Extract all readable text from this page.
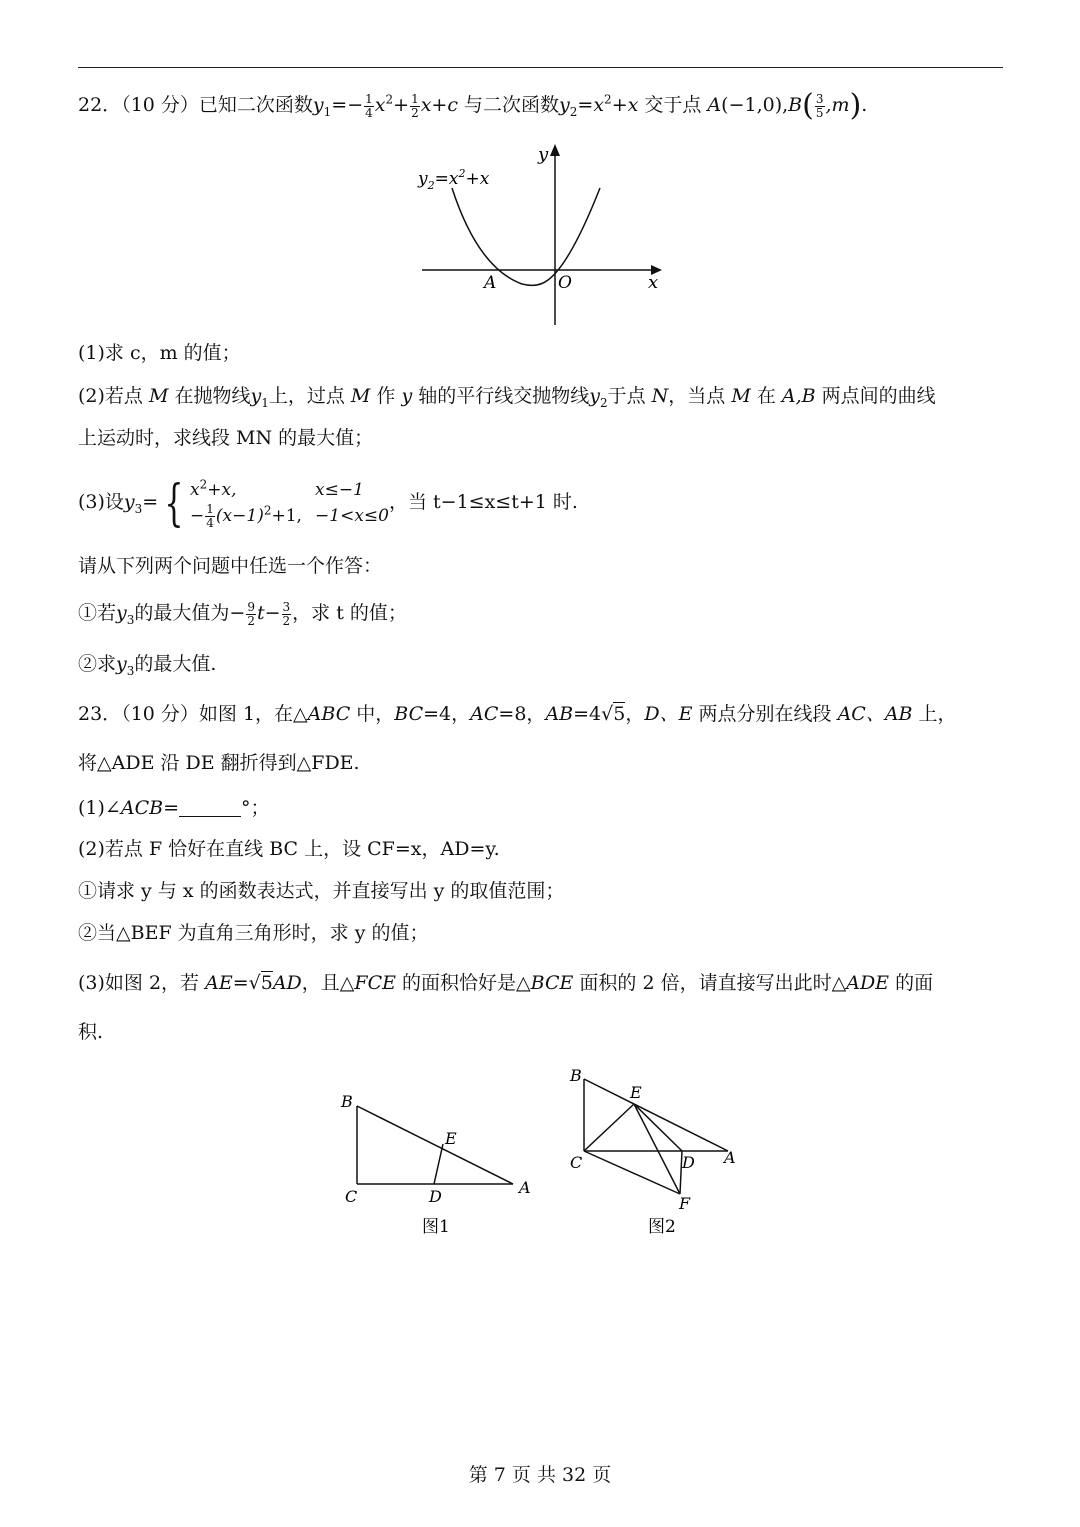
22．（10 分）已知二次函数$y_1=- \frac{1}{4} x^2+ \frac{1}{2} x+c$ 与二次函数$y_2=x^2+x$ 交于点 $A(-1,0),B( \frac{3}{5} ,m)$.
$y_2=x^2+x$
y
x
A	O
(1)求 c，m 的值；
(2)若点 M 在抛物线$y_1$上，过点 M 作 y 轴的平行线交抛物线$y_2$于点 N，当点 M 在 A,B 两点间的曲线
上运动时，求线段 MN 的最大值；
(3)设$y_3=$ { $x^2+x$,	x≤−1
− $\frac{1}{4} (x-1)^2+1$, −1<x≤0
，当 t−1≤x≤t+1 时.
请从下列两个问题中任选一个作答：
①若$y_3$的最大值为− $\frac{9}{2} t- \frac{3}{2}$ ，求 t 的值；
②求$y_3$的最大值.
23．（10 分）如图 1，在△ABC 中，BC=4，AC=8，AB=4√5，D、E 两点分别在线段 AC、AB 上，
将△ADE 沿 DE 翻折得到△FDE.
(1)∠ACB=	°；
(2)若点 F 恰好在直线 BC 上，设 CF=x，AD=y.
①请求 y 与 x 的函数表达式，并直接写出 y 的取值范围；
②当△BEF 为直角三角形时，求 y 的值；
(3)如图 2，若 AE=√5AD，且△FCE 的面积恰好是△BCE 面积的 2 倍，请直接写出此时△ADE 的面
积.
B
C	D
E
A
图1
B
E
C	D A
F
图2
第 7 页 共 32 页
